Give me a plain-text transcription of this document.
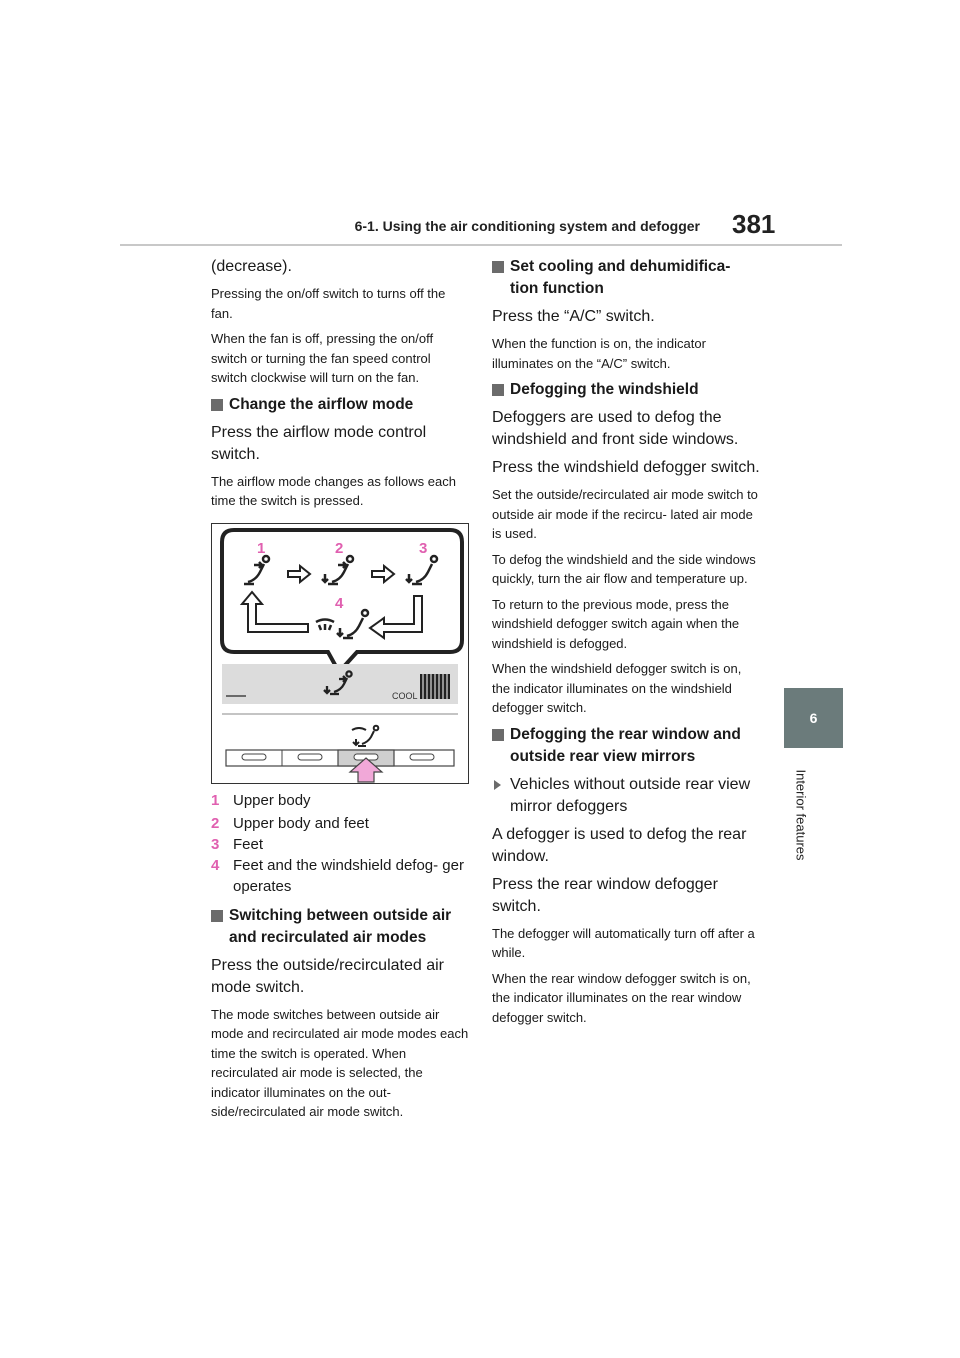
6-1. Using the air conditioning system and defogger 381
6
Interior features

(decrease).

Pressing the on/off switch to turns off the fan.

When the fan is off, pressing the on/off switch or turning the fan speed control switch clockwise will turn on the fan.

Change the airflow mode

Press the airflow mode control switch.

The airflow mode changes as follows each time the switch is pressed.

1	2	3
4
COOL
1 Upper body
2 Upper body and feet
3 Feet
4 Feet and the windshield defog- ger operates
Switching between outside air and recirculated air modes

Press the outside/recirculated air mode switch.

The mode switches between outside air mode and recirculated air mode modes each time the switch is operated. When recirculated air mode is selected, the indicator illuminates on the out- side/recirculated air mode switch.

Set cooling and dehumidifica- tion function

Press the “A/C” switch.

When the function is on, the indicator illuminates on the “A/C” switch.

Defogging the windshield

Defoggers are used to defog the windshield and front side windows.

Press the windshield defogger switch.

Set the outside/recirculated air mode switch to outside air mode if the recircu- lated air mode is used.

To defog the windshield and the side windows quickly, turn the air flow and temperature up.

To return to the previous mode, press the windshield defogger switch again when the windshield is defogged.

When the windshield defogger switch is on, the indicator illuminates on the windshield defogger switch.

Defogging the rear window and outside rear view mirrors
Vehicles without outside rear view mirror defoggers

A defogger is used to defog the rear window.

Press the rear window defogger switch.

The defogger will automatically turn off after a while.

When the rear window defogger switch is on, the indicator illuminates on the rear window defogger switch.
